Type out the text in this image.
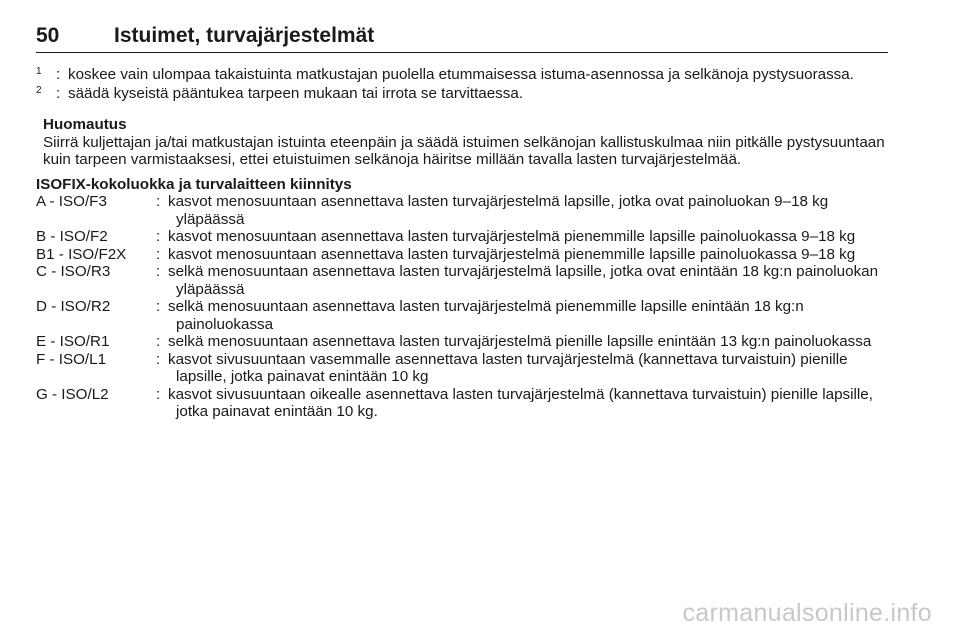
50	Istuimet, turvajärjestelmät
1 : koskee vain ulompaa takaistuinta matkustajan puolella etummaisessa istuma-asennossa ja selkänoja pystysuorassa.
2 : säädä kyseistä pääntukea tarpeen mukaan tai irrota se tarvittaessa.
Huomautus
Siirrä kuljettajan ja/tai matkustajan istuinta eteenpäin ja säädä istuimen selkänojan kallistuskulmaa niin pitkälle pystysuuntaan kuin tarpeen varmistaaksesi, ettei etuistuimen selkänoja häiritse millään tavalla lasten turvajärjestelmää.
ISOFIX-kokoluokka ja turvalaitteen kiinnitys
A - ISO/F3	: kasvot menosuuntaan asennettava lasten turvajärjestelmä lapsille, jotka ovat painoluokan 9–18 kg yläpäässä
B - ISO/F2	: kasvot menosuuntaan asennettava lasten turvajärjestelmä pienemmille lapsille painoluokassa 9–18 kg
B1 - ISO/F2X	: kasvot menosuuntaan asennettava lasten turvajärjestelmä pienemmille lapsille painoluokassa 9–18 kg
C - ISO/R3	: selkä menosuuntaan asennettava lasten turvajärjestelmä lapsille, jotka ovat enintään 18 kg:n painoluokan yläpäässä
D - ISO/R2	: selkä menosuuntaan asennettava lasten turvajärjestelmä pienemmille lapsille enintään 18 kg:n painoluokassa
E - ISO/R1	: selkä menosuuntaan asennettava lasten turvajärjestelmä pienille lapsille enintään 13 kg:n painoluokassa
F - ISO/L1	: kasvot sivusuuntaan vasemmalle asennettava lasten turvajärjestelmä (kannettava turvaistuin) pienille lapsille, jotka painavat enintään 10 kg
G - ISO/L2	: kasvot sivusuuntaan oikealle asennettava lasten turvajärjestelmä (kannettava turvaistuin) pienille lapsille, jotka painavat enintään 10 kg.
carmanualsonline.info
